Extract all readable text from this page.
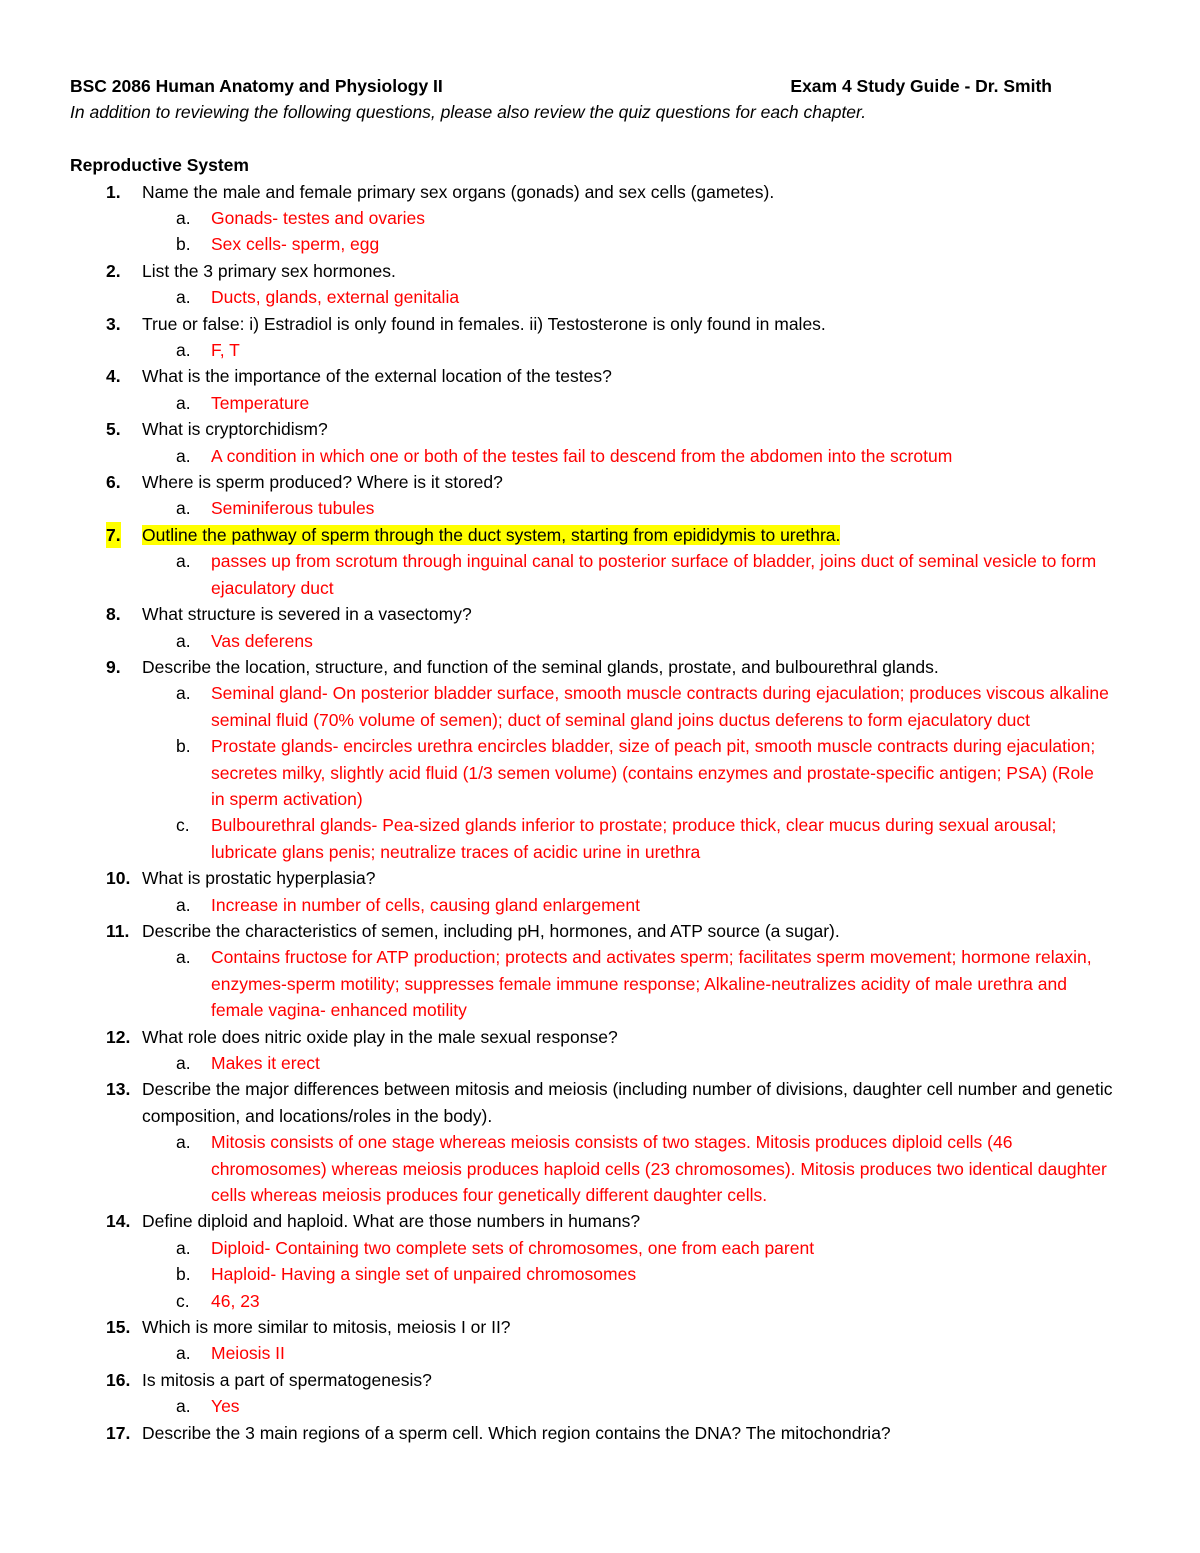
BSC 2086 Human Anatomy and Physiology II	Exam 4 Study Guide - Dr. Smith
In addition to reviewing the following questions, please also review the quiz questions for each chapter.
Reproductive System
1. Name the male and female primary sex organs (gonads) and sex cells (gametes).
a. Gonads- testes and ovaries
b. Sex cells- sperm, egg
2. List the 3 primary sex hormones.
a. Ducts, glands, external genitalia
3. True or false: i) Estradiol is only found in females. ii) Testosterone is only found in males.
a. F, T
4. What is the importance of the external location of the testes?
a. Temperature
5. What is cryptorchidism?
a. A condition in which one or both of the testes fail to descend from the abdomen into the scrotum
6. Where is sperm produced? Where is it stored?
a. Seminiferous tubules
7. Outline the pathway of sperm through the duct system, starting from epididymis to urethra.
a. passes up from scrotum through inguinal canal to posterior surface of bladder, joins duct of seminal vesicle to form ejaculatory duct
8. What structure is severed in a vasectomy?
a. Vas deferens
9. Describe the location, structure, and function of the seminal glands, prostate, and bulbourethral glands.
a. Seminal gland- On posterior bladder surface, smooth muscle contracts during ejaculation; produces viscous alkaline seminal fluid (70% volume of semen); duct of seminal gland joins ductus deferens to form ejaculatory duct
b. Prostate glands- encircles urethra encircles bladder, size of peach pit, smooth muscle contracts during ejaculation; secretes milky, slightly acid fluid (1/3 semen volume) (contains enzymes and prostate-specific antigen; PSA) (Role in sperm activation)
c. Bulbourethral glands- Pea-sized glands inferior to prostate; produce thick, clear mucus during sexual arousal; lubricate glans penis; neutralize traces of acidic urine in urethra
10. What is prostatic hyperplasia?
a. Increase in number of cells, causing gland enlargement
11. Describe the characteristics of semen, including pH, hormones, and ATP source (a sugar).
a. Contains fructose for ATP production; protects and activates sperm; facilitates sperm movement; hormone relaxin, enzymes-sperm motility; suppresses female immune response; Alkaline-neutralizes acidity of male urethra and female vagina- enhanced motility
12. What role does nitric oxide play in the male sexual response?
a. Makes it erect
13. Describe the major differences between mitosis and meiosis (including number of divisions, daughter cell number and genetic composition, and locations/roles in the body).
a. Mitosis consists of one stage whereas meiosis consists of two stages. Mitosis produces diploid cells (46 chromosomes) whereas meiosis produces haploid cells (23 chromosomes). Mitosis produces two identical daughter cells whereas meiosis produces four genetically different daughter cells.
14. Define diploid and haploid. What are those numbers in humans?
a. Diploid- Containing two complete sets of chromosomes, one from each parent
b. Haploid- Having a single set of unpaired chromosomes
c. 46, 23
15. Which is more similar to mitosis, meiosis I or II?
a. Meiosis II
16. Is mitosis a part of spermatogenesis?
a. Yes
17. Describe the 3 main regions of a sperm cell. Which region contains the DNA? The mitochondria?
